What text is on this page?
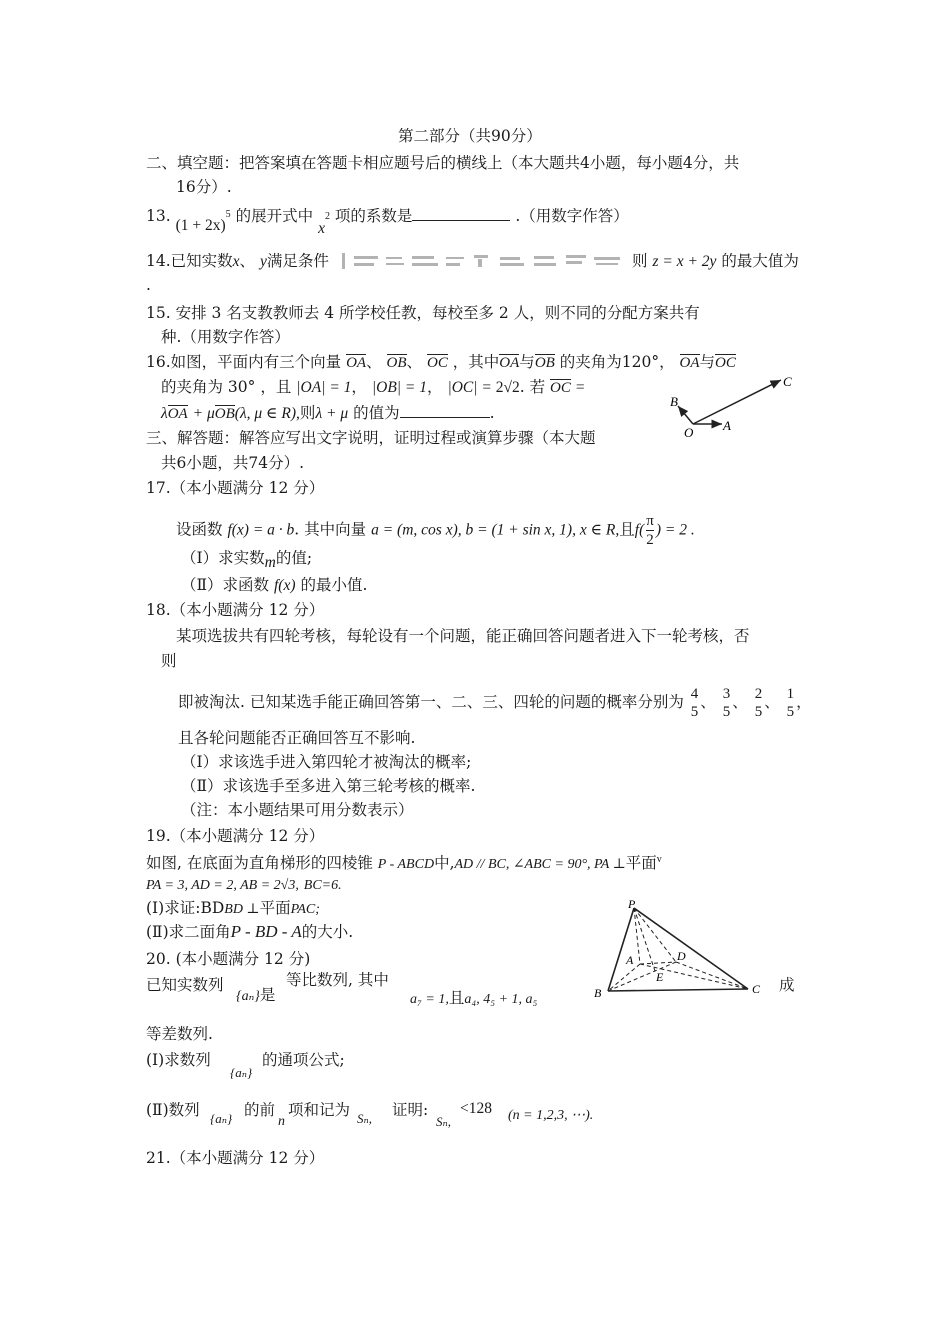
第二部分（共90分）
二、填空题：把答案填在答题卡相应题号后的横线上（本大题共4小题，每小题4分，共
16分）.
13. $(1 + 2x)^5$ 的展开式中 $x^2$ 项的系数是	.（用数字作答）
14.已知实数x、 y满足条件	则 z = x + 2y 的最大值为
.
15. 安排 3 名支教教师去 4 所学校任教，每校至多 2 人，则不同的分配方案共有
种.（用数字作答）
16.如图，平面内有三个向量 OA、 OB、 OC ，其中OA与OB 的夹角为120°， OA与OC
的夹角为 30° ，且 |OA| = 1， |OB| = 1， |OC| = 2√2. 若 OC =
λOA + μOB(λ, μ ∈ R),则λ + μ 的值为	.
B
C
O A
三、解答题：解答应写出文字说明，证明过程或演算步骤（本大题
共6小题，共74分）.
17.（本小题满分 12 分）
设函数 f(x) = a · b. 其中向量 a = (m, cos x), b = (1 + sin x, 1), x ∈ R,且$f( \frac{\pi}{2}$ ) = 2 .
（Ⅰ）求实数m的值;
（Ⅱ）求函数 f(x) 的最小值.
18.（本小题满分 12 分）
某项选拔共有四轮考核，每轮设有一个问题，能正确回答问题者进入下一轮考核，否
则
即被淘汰. 已知某选手能正确回答第一、二、三、四轮的问题的概率分别为 4
5
、 3
5
、 2
5
、 1
5
，
且各轮问题能否正确回答互不影响.
（Ⅰ）求该选手进入第四轮才被淘汰的概率;
（Ⅱ）求该选手至多进入第三轮考核的概率.
（注：本小题结果可用分数表示）
19.（本小题满分 12 分）
如图, 在底面为直角梯形的四棱锥 P - ABCD中,AD // BC, ∠ABC = 90°, PA ⊥平面$^v$
PA = 3, AD = 2, AB = 2√3, BC=6.
(Ⅰ)求证:BDBD ⊥平面PAC;
(Ⅱ)求二面角P - BD - A的大小.
P
A	D
E
B	C
20. (本小题满分 12 分)
已知实数列
{aₙ}是
等比数列, 其中
a₇ = 1,且a₄, 4₅ + 1, a₅
成
等差数列.
(Ⅰ)求数列
{aₙ}
的通项公式;
(Ⅱ)数列 {aₙ} 的前
n
项和记为 Sₙ, 证明:
Sₙ,
<128 (n = 1,2,3, ⋯).
21.（本小题满分 12 分）
